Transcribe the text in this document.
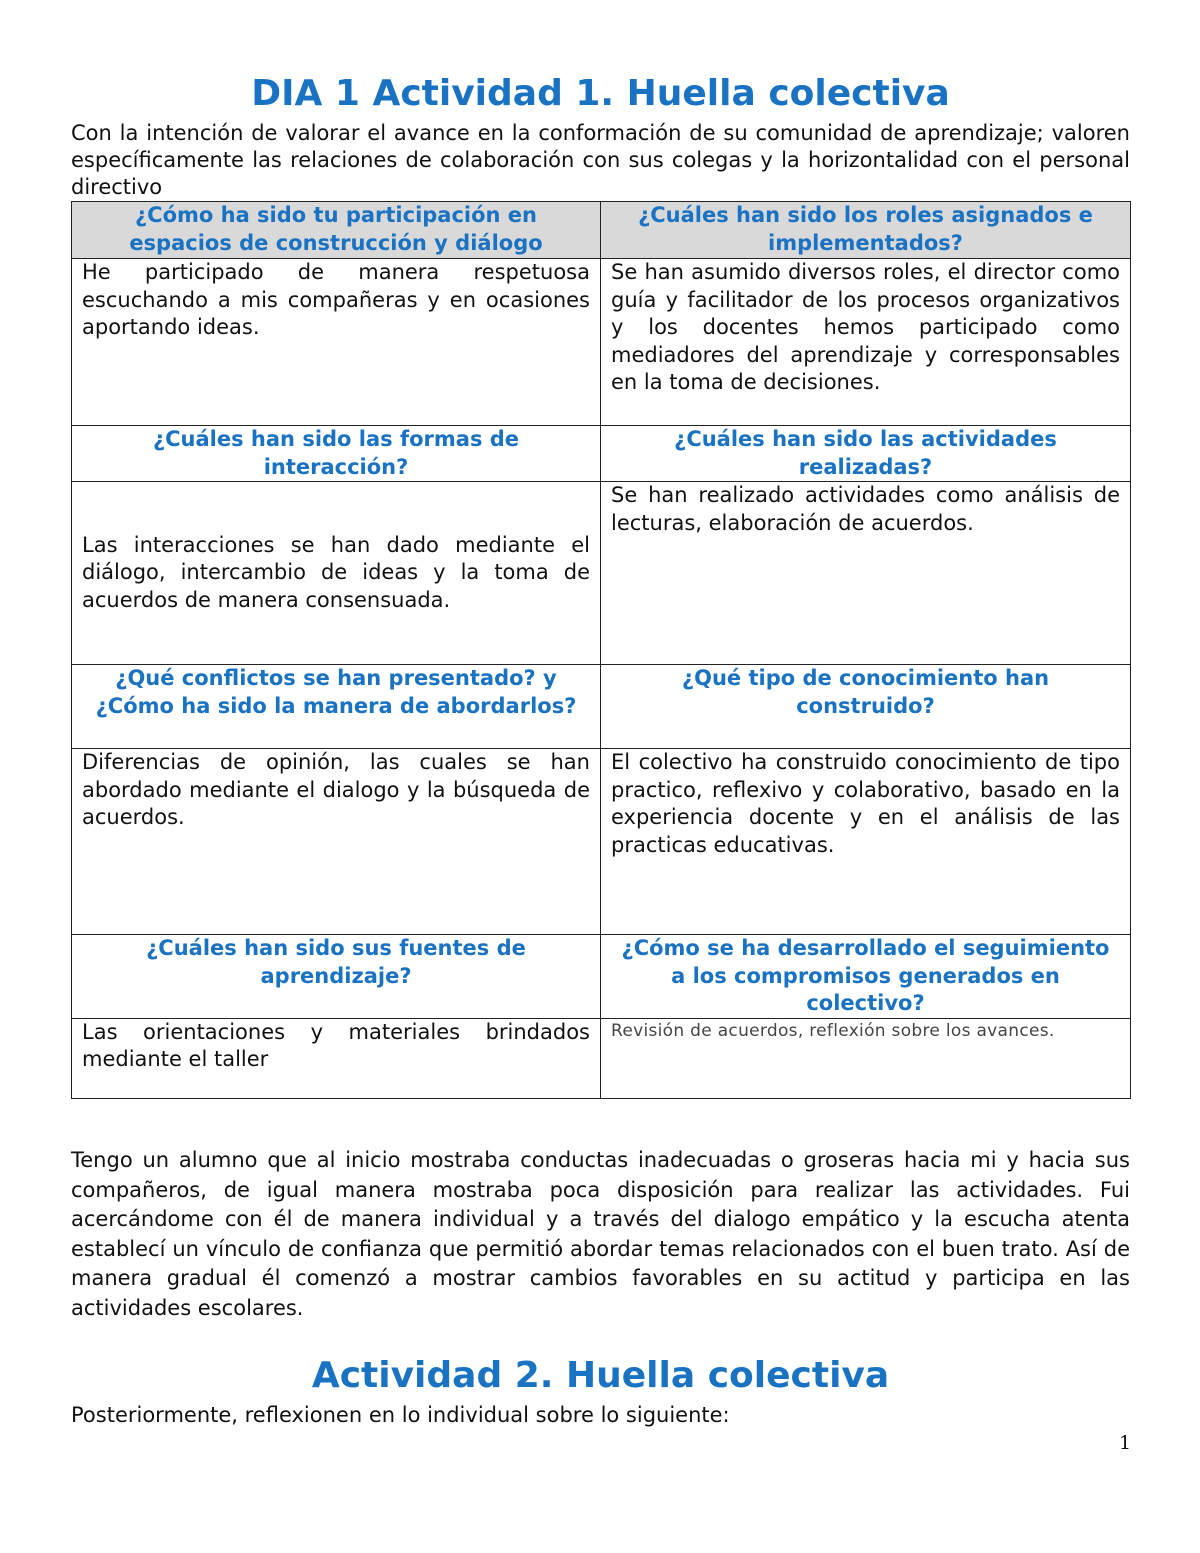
DIA 1 Actividad 1. Huella colectiva

Con la intención de valorar el avance en la conformación de su comunidad de aprendizaje; valoren específicamente las relaciones de colaboración con sus colegas y la horizontalidad con el personal directivo

¿Cómo ha sido tu participación en espacios de construcción y diálogo	¿Cuáles han sido los roles asignados e implementados?
He participado de manera respetuosa escuchando a mis compañeras y en ocasiones aportando ideas.	Se han asumido diversos roles, el director como guía y facilitador de los procesos organizativos y los docentes hemos participado como mediadores del aprendizaje y corresponsables en la toma de decisiones.
¿Cuáles han sido las formas de interacción?	¿Cuáles han sido las actividades realizadas?
Las interacciones se han dado mediante el diálogo, intercambio de ideas y la toma de acuerdos de manera consensuada.	Se han realizado actividades como análisis de lecturas, elaboración de acuerdos.
¿Qué conflictos se han presentado? y ¿Cómo ha sido la manera de abordarlos?	¿Qué tipo de conocimiento han construido?
Diferencias de opinión, las cuales se han abordado mediante el dialogo y la búsqueda de acuerdos.	El colectivo ha construido conocimiento de tipo practico, reflexivo y colaborativo, basado en la experiencia docente y en el análisis de las practicas educativas.
¿Cuáles han sido sus fuentes de aprendizaje?	¿Cómo se ha desarrollado el seguimiento a los compromisos generados en colectivo?
Las orientaciones y materiales brindados mediante el taller	Revisión de acuerdos, reflexión sobre los avances.

Tengo un alumno que al inicio mostraba conductas inadecuadas o groseras hacia mi y hacia sus compañeros, de igual manera mostraba poca disposición para realizar las actividades. Fui acercándome con él de manera individual y a través del dialogo empático y la escucha atenta establecí un vínculo de confianza que permitió abordar temas relacionados con el buen trato. Así de manera gradual él comenzó a mostrar cambios favorables en su actitud y participa en las actividades escolares.

Actividad 2. Huella colectiva

Posteriormente, reflexionen en lo individual sobre lo siguiente:

1
